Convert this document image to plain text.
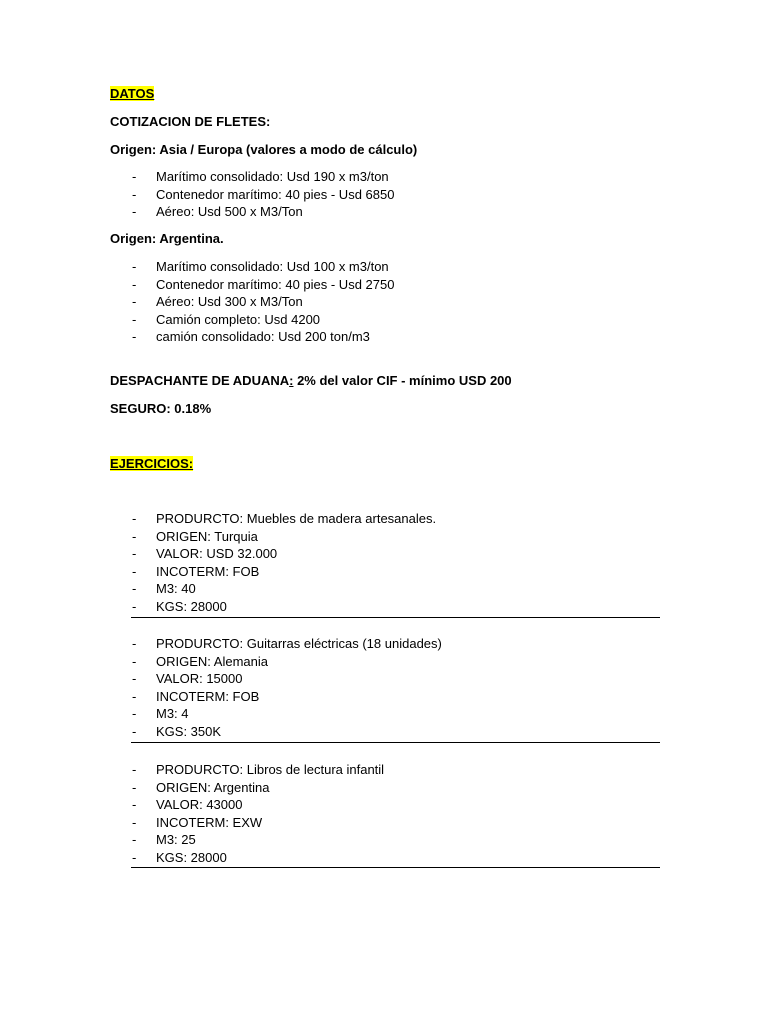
DATOS
COTIZACION DE FLETES:
Origen: Asia / Europa (valores a modo de cálculo)
- Marítimo consolidado: Usd 190 x m3/ton
- Contenedor marítimo: 40 pies - Usd 6850
- Aéreo: Usd 500 x M3/Ton
Origen: Argentina.
- Marítimo consolidado: Usd 100 x m3/ton
- Contenedor marítimo: 40 pies - Usd 2750
- Aéreo: Usd 300 x M3/Ton
- Camión completo: Usd 4200
- camión consolidado: Usd 200 ton/m3
DESPACHANTE DE ADUANA: 2% del valor CIF - mínimo USD 200
SEGURO: 0.18%
EJERCICIOS:
- PRODURCTO: Muebles de madera artesanales.
- ORIGEN: Turquia
- VALOR: USD 32.000
- INCOTERM: FOB
- M3: 40
- KGS: 28000
- PRODURCTO: Guitarras eléctricas (18 unidades)
- ORIGEN: Alemania
- VALOR: 15000
- INCOTERM: FOB
- M3: 4
- KGS: 350K
- PRODURCTO: Libros de lectura infantil
- ORIGEN: Argentina
- VALOR: 43000
- INCOTERM: EXW
- M3: 25
- KGS: 28000
